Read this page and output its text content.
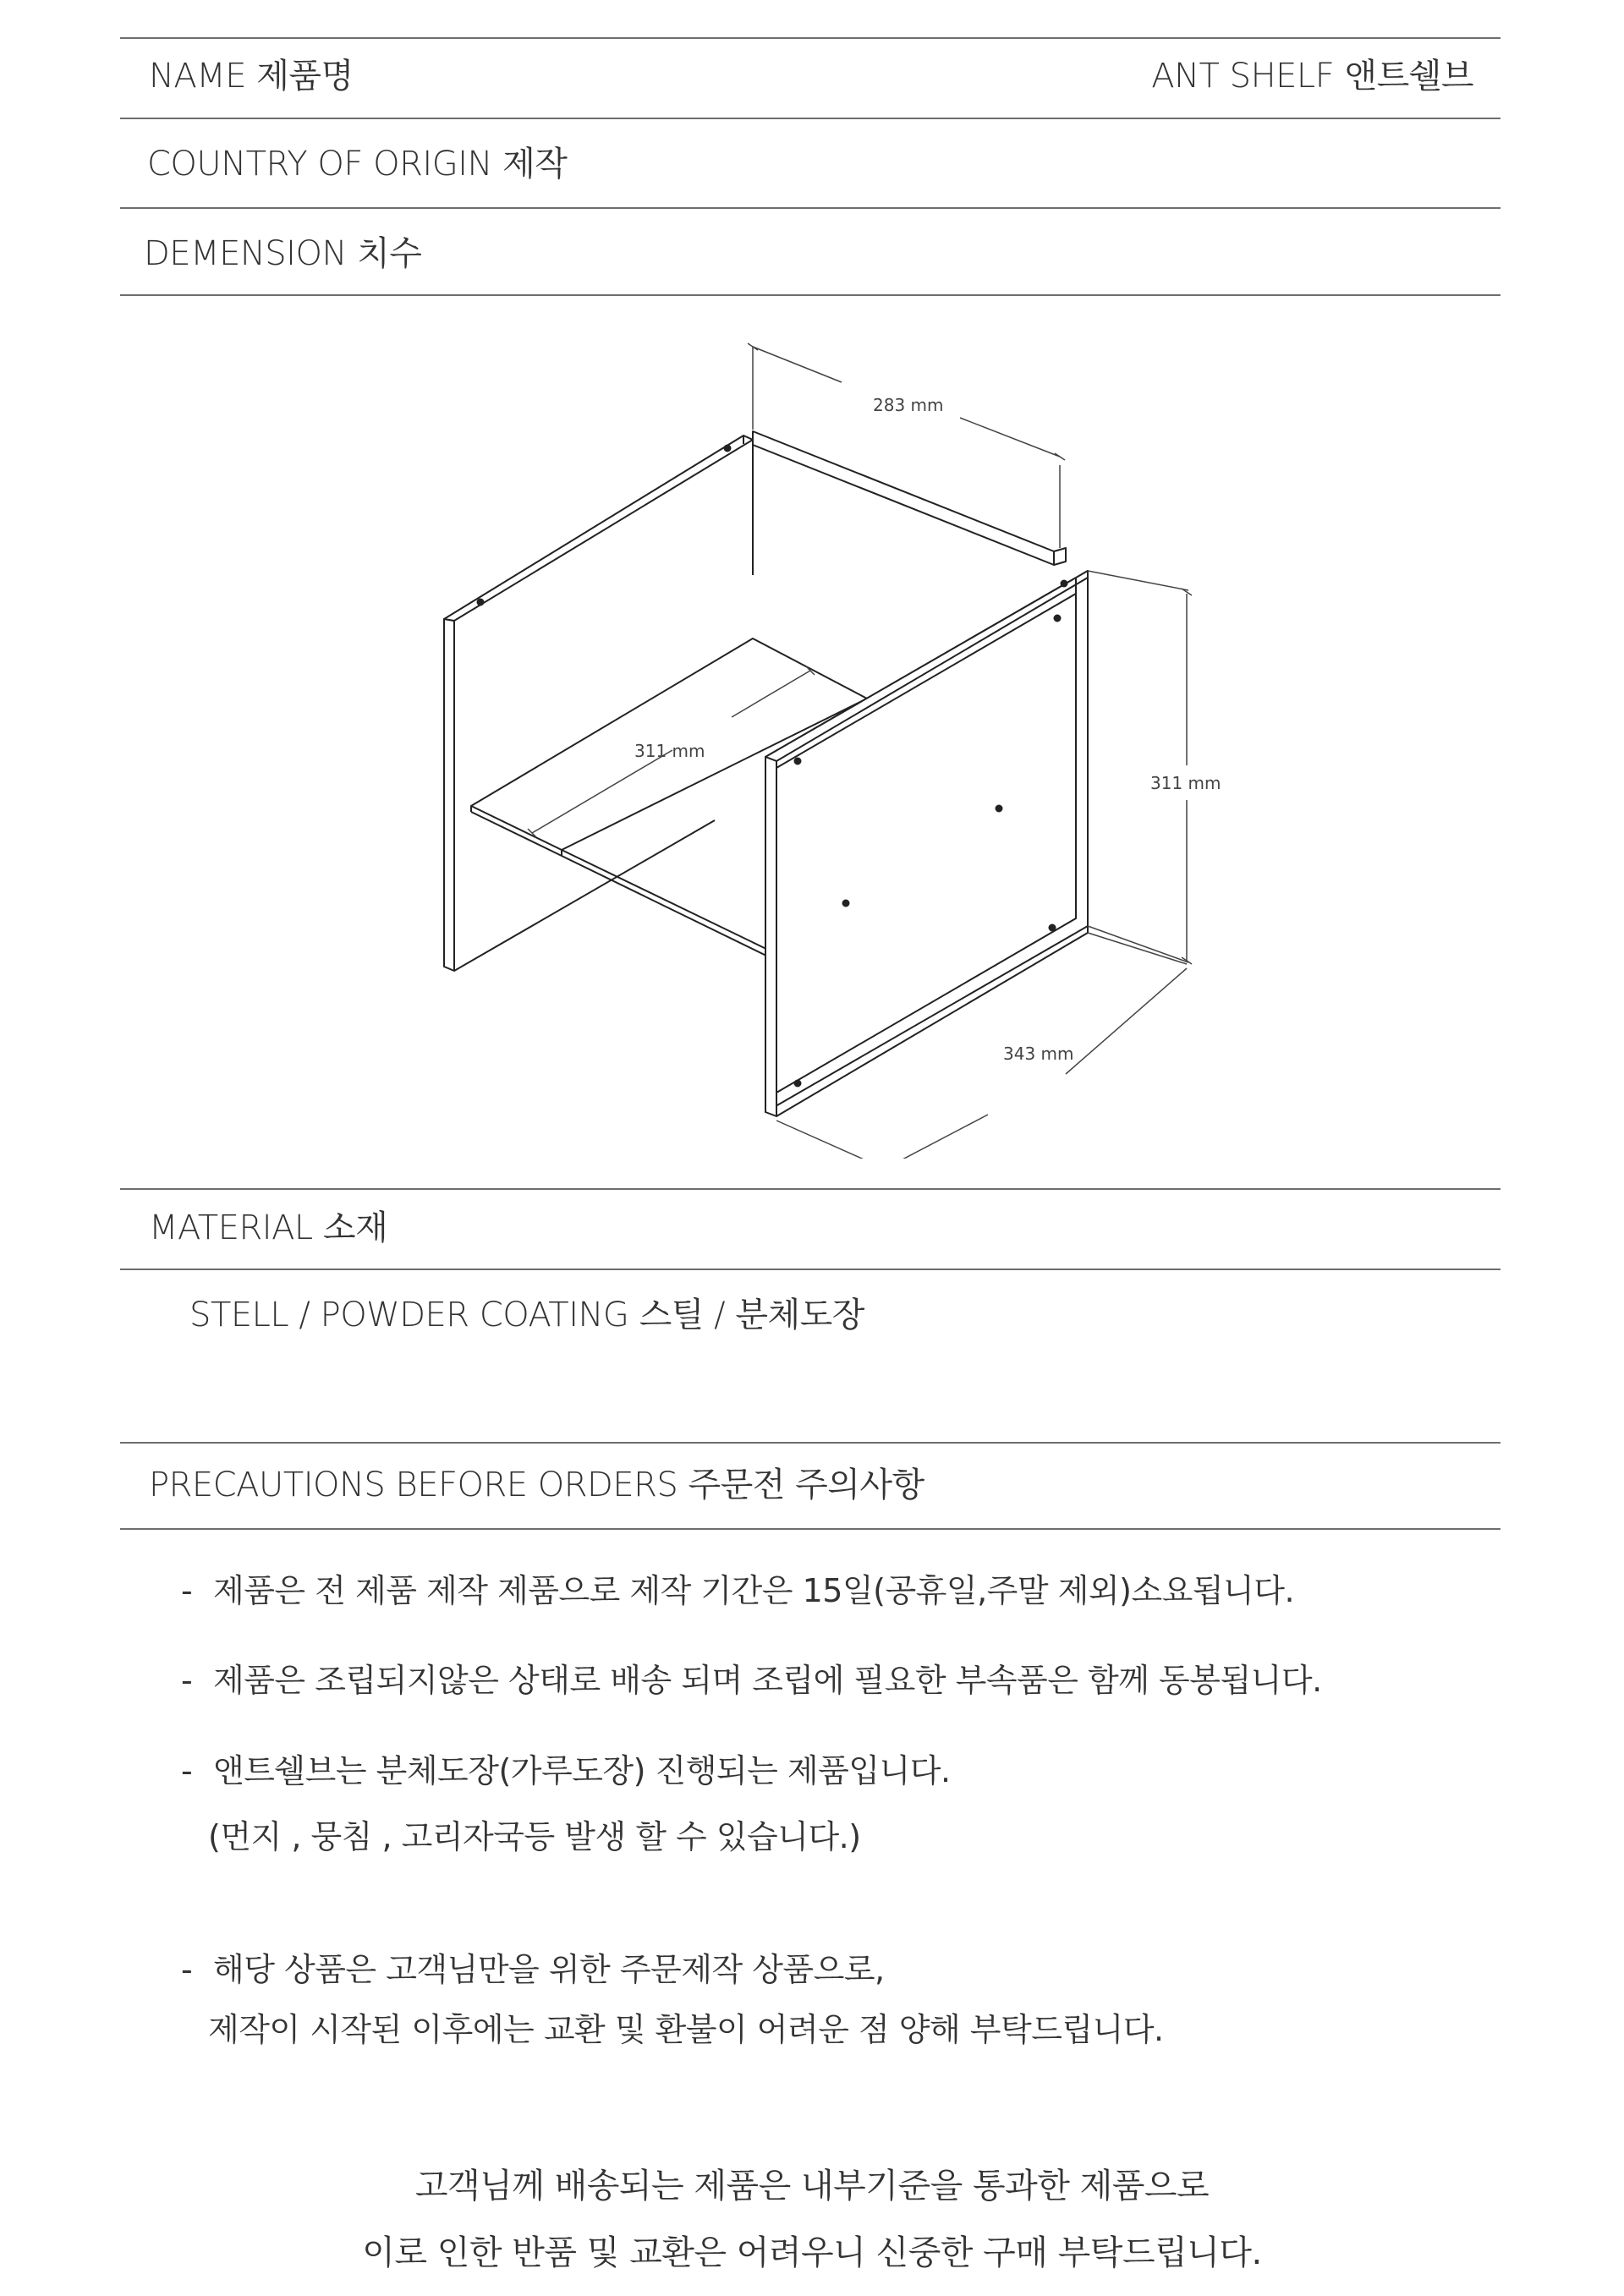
NAME 제품명	ANT SHELF 앤트쉘브
COUNTRY OF ORIGIN 제작
DEMENSION 치수
283 mm
311 mm
311 mm
343 mm
MATERIAL 소재
STELL / POWDER COATING 스틸 / 분체도장
PRECAUTIONS BEFORE ORDERS 주문전 주의사항
- 제품은 전 제품 제작 제품으로 제작 기간은 15일(공휴일,주말 제외)소요됩니다.
- 제품은 조립되지않은 상태로 배송 되며 조립에 필요한 부속품은 함께 동봉됩니다.
- 앤트쉘브는 분체도장(가루도장) 진행되는 제품입니다.
(먼지 , 뭉침 , 고리자국등 발생 할 수 있습니다.)
- 해당 상품은 고객님만을 위한 주문제작 상품으로,
제작이 시작된 이후에는 교환 및 환불이 어려운 점 양해 부탁드립니다.
고객님께 배송되는 제품은 내부기준을 통과한 제품으로
이로 인한 반품 및 교환은 어려우니 신중한 구매 부탁드립니다.
